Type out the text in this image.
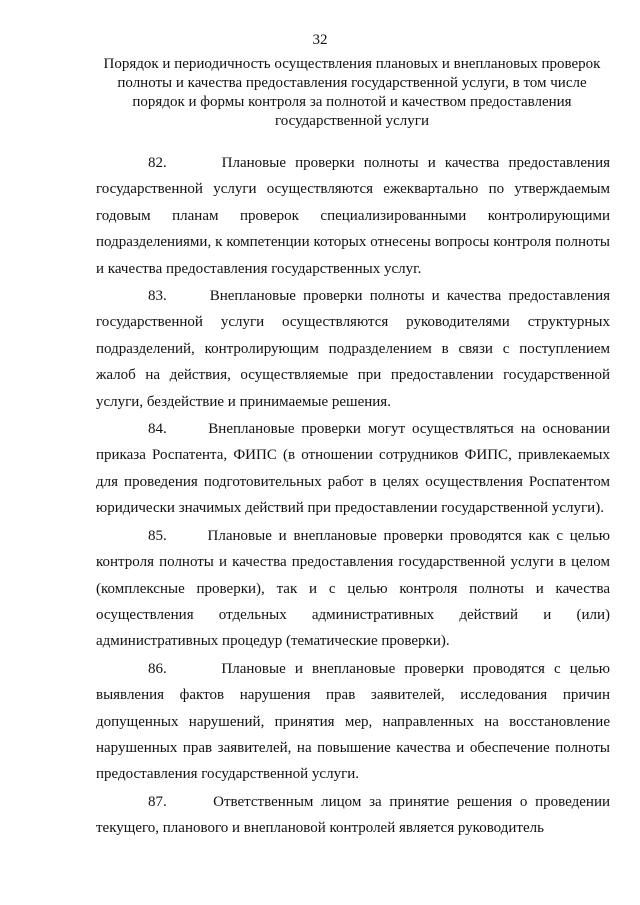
32
Порядок и периодичность осуществления плановых и внеплановых проверок полноты и качества предоставления государственной услуги, в том числе порядок и формы контроля за полнотой и качеством предоставления государственной услуги

82.	Плановые проверки полноты и качества предоставления государственной услуги осуществляются ежеквартально по утверждаемым годовым планам проверок специализированными контролирующими подразделениями, к компетенции которых отнесены вопросы контроля полноты и качества предоставления государственных услуг.

83.	Внеплановые проверки полноты и качества предоставления государственной услуги осуществляются руководителями структурных подразделений, контролирующим подразделением в связи с поступлением жалоб на действия, осуществляемые при предоставлении государственной услуги, бездействие и принимаемые решения.

84.	Внеплановые проверки могут осуществляться на основании приказа Роспатента, ФИПС (в отношении сотрудников ФИПС, привлекаемых для проведения подготовительных работ в целях осуществления Роспатентом юридически значимых действий при предоставлении государственной услуги).

85.	Плановые и внеплановые проверки проводятся как с целью контроля полноты и качества предоставления государственной услуги в целом (комплексные проверки), так и с целью контроля полноты и качества осуществления отдельных административных действий и (или) административных процедур (тематические проверки).

86.	Плановые и внеплановые проверки проводятся с целью выявления фактов нарушения прав заявителей, исследования причин допущенных нарушений, принятия мер, направленных на восстановление нарушенных прав заявителей, на повышение качества и обеспечение полноты предоставления государственной услуги.

87.	Ответственным лицом за принятие решения о проведении текущего, планового и внеплановой контролей является руководитель
